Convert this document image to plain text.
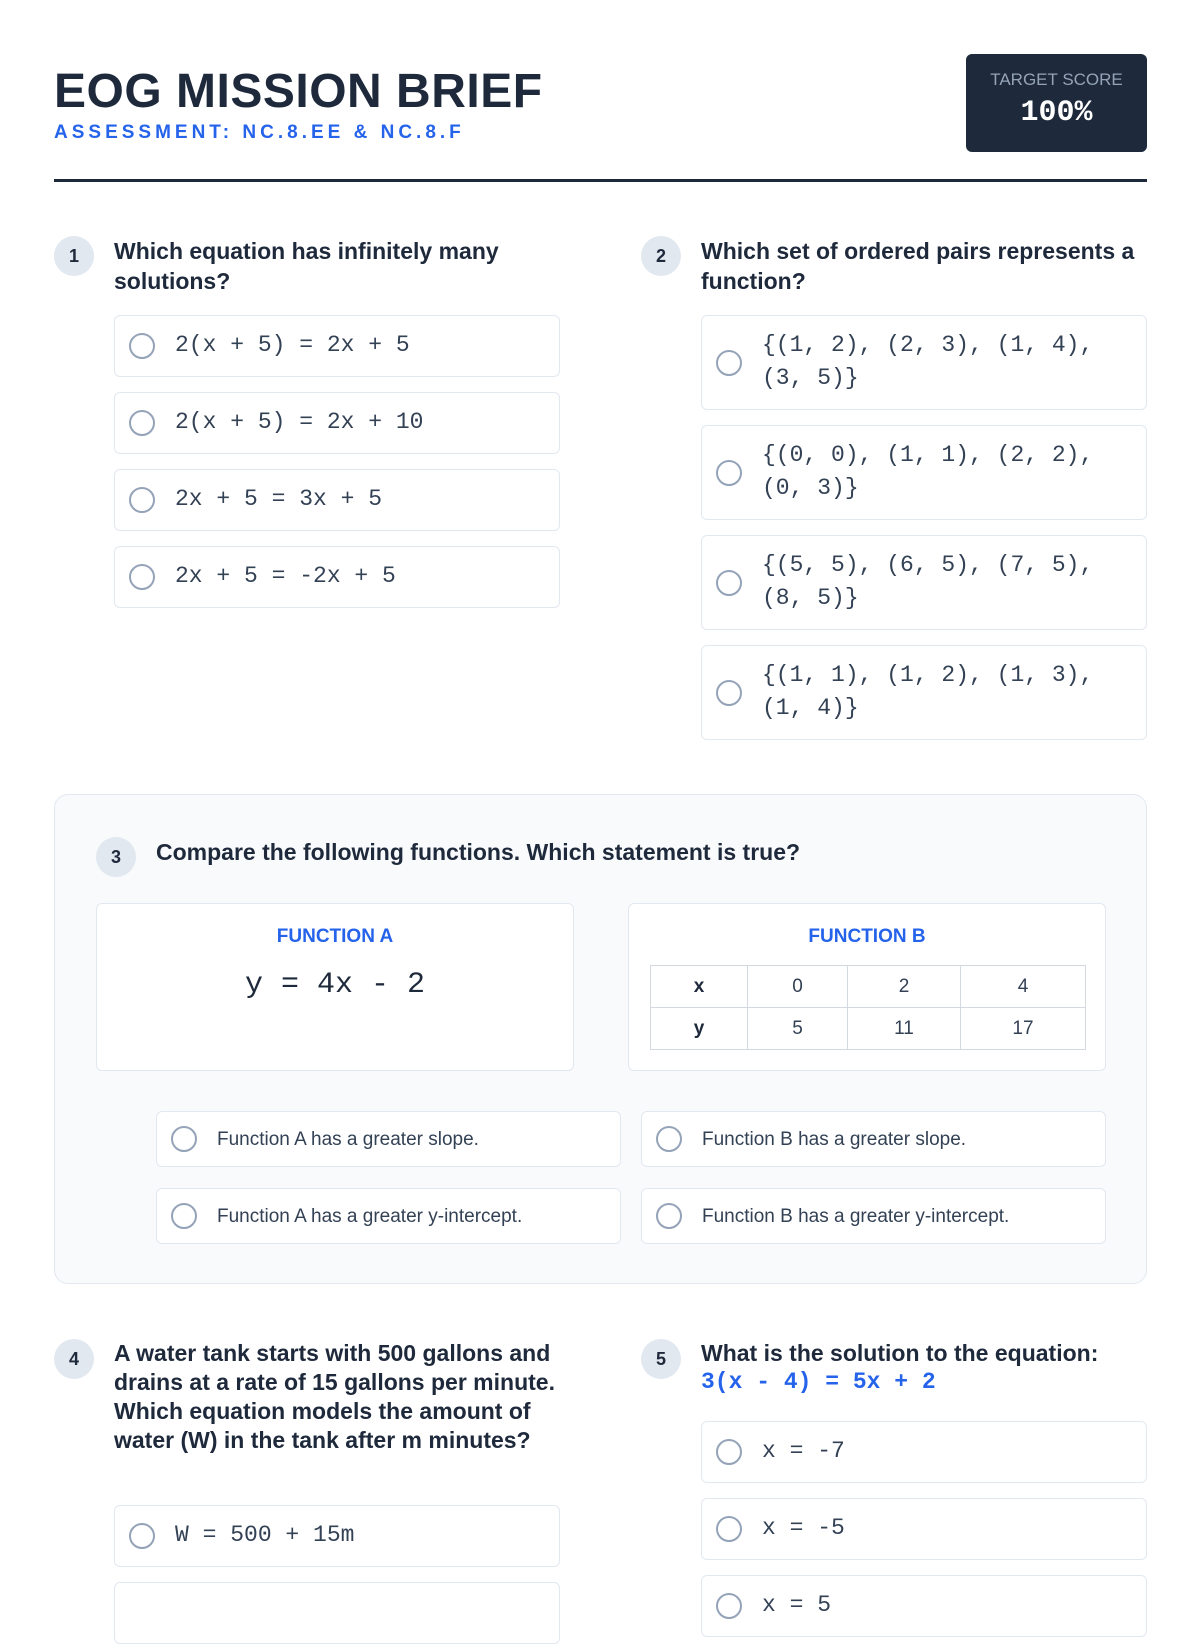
EOG MISSION BRIEF
ASSESSMENT: NC.8.EE & NC.8.F
TARGET SCORE
100%
1	Which equation has infinitely many solutions?
2(x + 5) = 2x + 5
2(x + 5) = 2x + 10
2x + 5 = 3x + 5
2x + 5 = -2x + 5
2	Which set of ordered pairs represents a function?
{(1, 2), (2, 3), (1, 4),
(3, 5)}
{(0, 0), (1, 1), (2, 2),
(0, 3)}
{(5, 5), (6, 5), (7, 5),
(8, 5)}
{(1, 1), (1, 2), (1, 3),
(1, 4)}
3	Compare the following functions. Which statement is true?
FUNCTION A
y = 4x - 2
FUNCTION B
x	0	2	4
y	5	11	17
Function A has a greater slope.	Function B has a greater slope.
Function A has a greater y-intercept.	Function B has a greater y-intercept.
4	A water tank starts with 500 gallons and drains at a rate of 15 gallons per minute. Which equation models the amount of water (W) in the tank after m minutes?
W = 500 + 15m
5	What is the solution to the equation:
3(x - 4) = 5x + 2
x = -7
x = -5
x = 5
